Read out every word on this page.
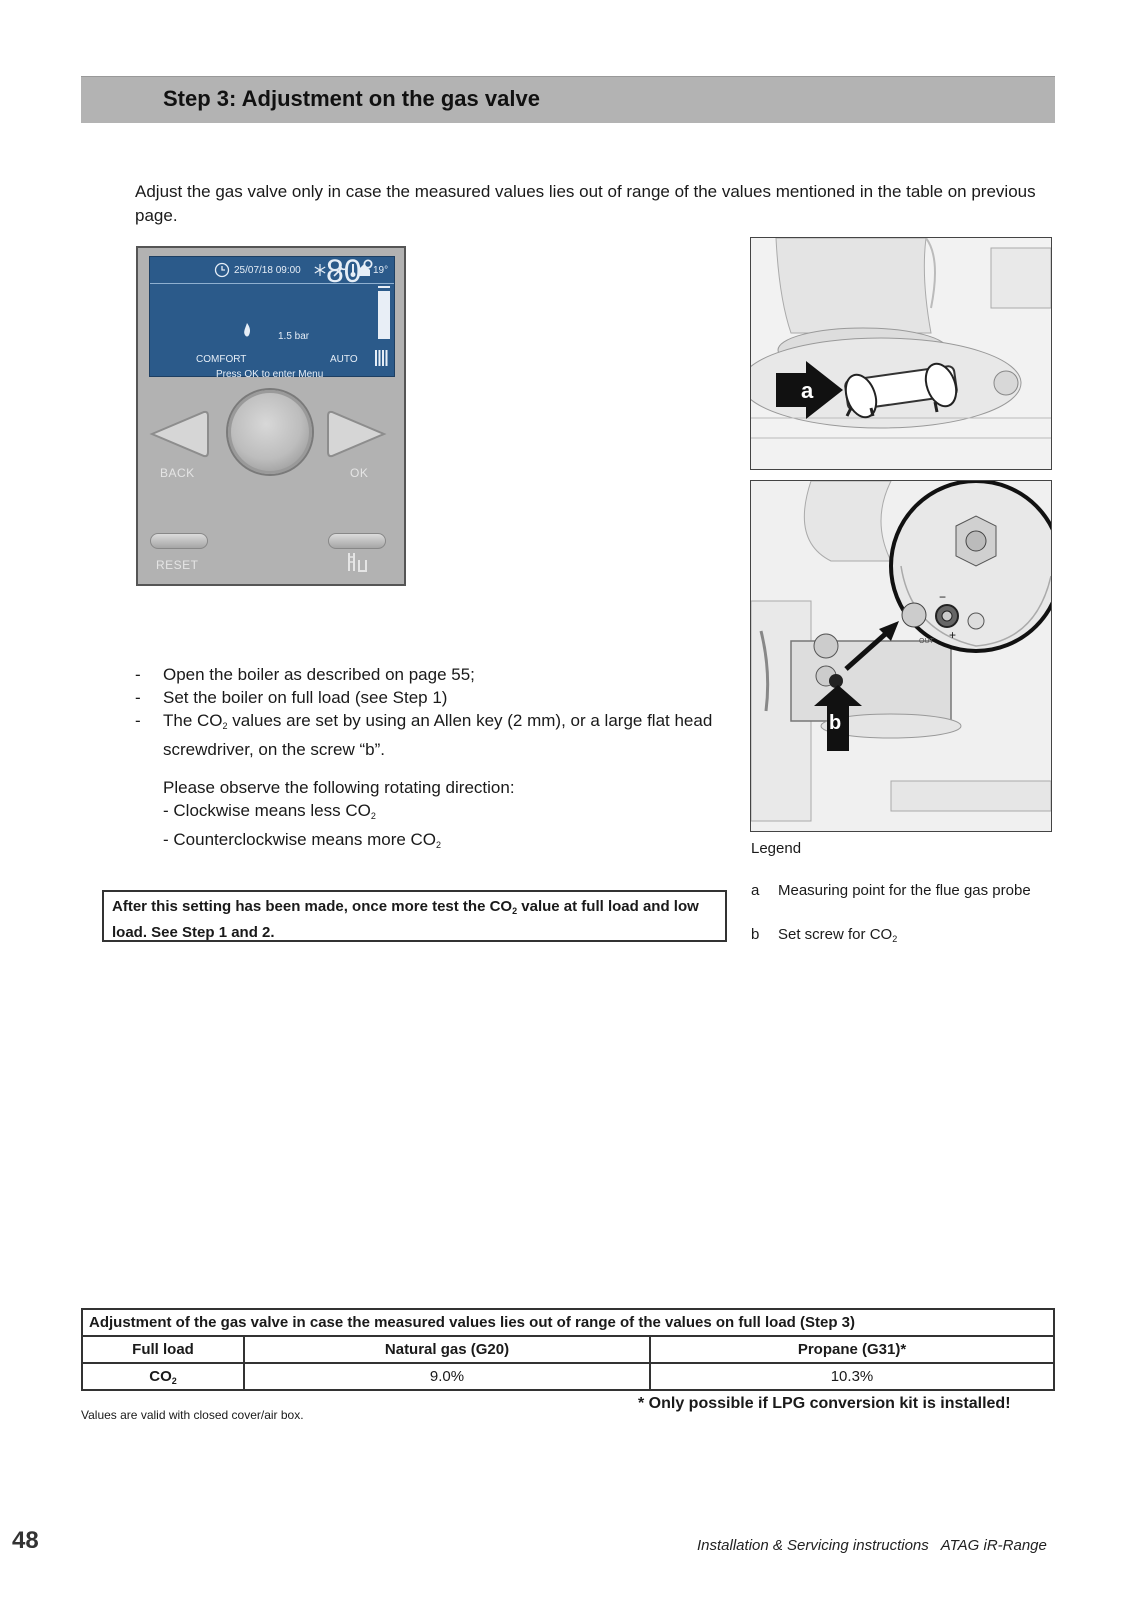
Step 3: Adjustment on the gas valve
Adjust the gas valve only in case the measured values lies out of range of the values mentioned in the table on previous page.
25/07/18 09:00	19°
1.5 bar
80°
COMFORT	AUTO
Press OK to enter Menu
BACK	OK
RESET
- Open the boiler as described on page 55;
- Set the boiler on full load (see Step 1)
- The $CO_2$ values are set by using an Allen key (2 mm), or a large flat head screwdriver, on the screw “b”.
Please observe the following rotating direction:
- Clockwise means less $CO_2$
- Counterclockwise means more $CO_2$
After this setting has been made, once more test the $CO_2$ value at full load and low load. See Step 1 and 2.
a
−
+
OUT
b
Legend
a Measuring point for the flue gas probe
b Set screw for $CO_2$
Adjustment of the gas valve in case the measured values lies out of range of the values on full load (Step 3)		
Full load	Natural gas (G20)	Propane (G31)*
$CO_2$	9.0%	10.3%
* Only possible if LPG conversion kit is installed!
Values are valid with closed cover/air box.
48	Installation & Servicing instructions   ATAG iR-Range
